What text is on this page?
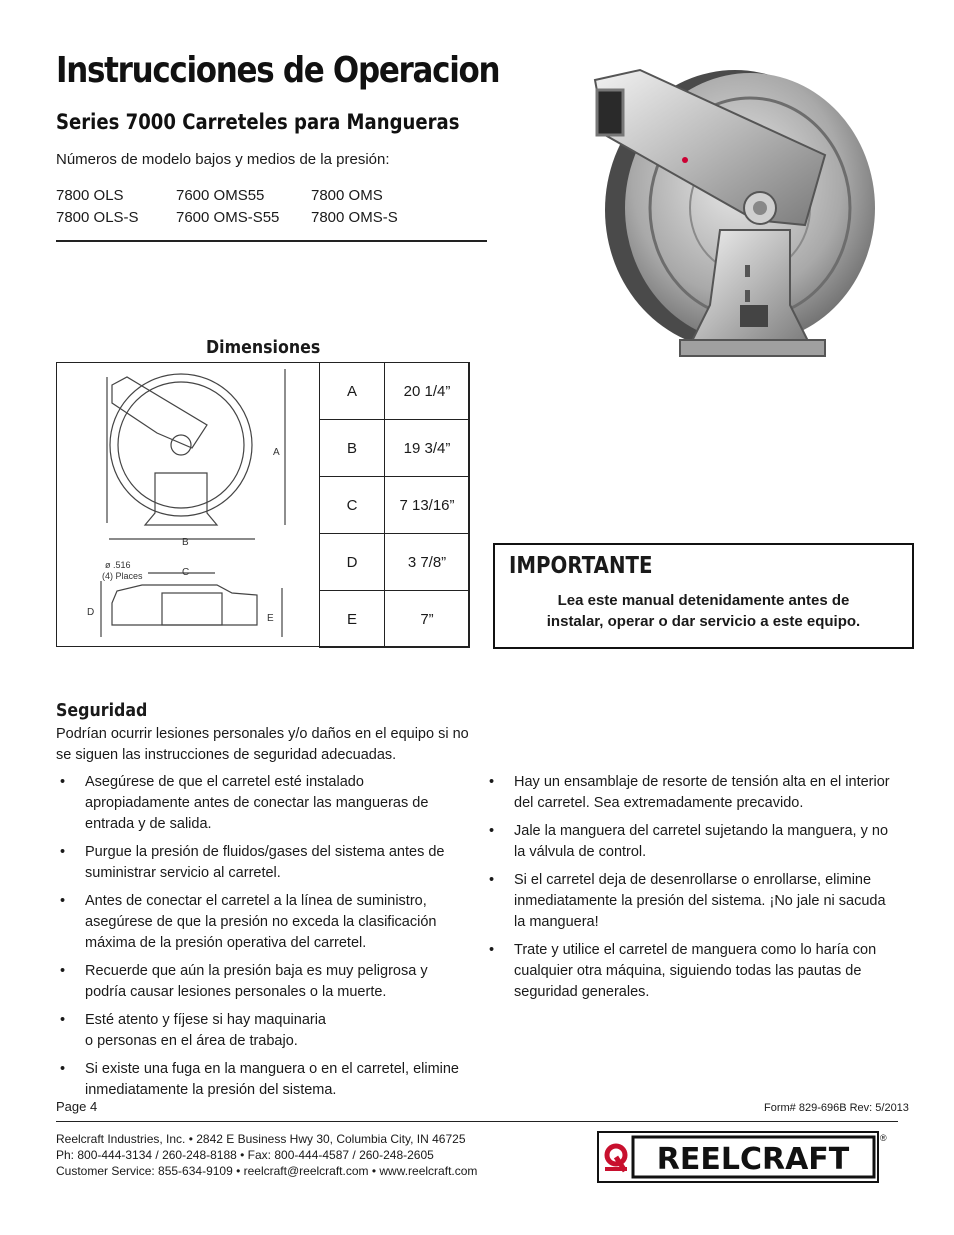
Instrucciones de Operacion
Series 7000 Carreteles para Mangueras
Números de modelo bajos y medios de la presión:
7800 OLS	7600 OMS55	7800 OMS
7800 OLS-S	7600 OMS-S55	7800 OMS-S
Dimensiones
A
B
C
D
E
ø .516
(4) Places
A	20 1/4”
B	19 3/4”
C	7 13/16”
D	3 7/8”
E	7”
IMPORTANTE
Lea este manual detenidamente antes de
instalar, operar o dar servicio a este equipo.
Seguridad
Podrían ocurrir lesiones personales y/o daños en el equipo si no se siguen las instrucciones de seguridad adecuadas.
• Asegúrese de que el carretel esté instalado apropiadamente antes de conectar las mangueras de entrada y de salida.
• Purgue la presión de fluidos/gases del sistema antes de suministrar servicio al carretel.
• Antes de conectar el carretel a la línea de suministro, asegúrese de que la presión no exceda la clasificación máxima de la presión operativa del carretel.
• Recuerde que aún la presión baja es muy peligrosa y podría causar lesiones personales o la muerte.
• Esté atento y fíjese si hay maquinaria o personas en el área de trabajo.
• Si existe una fuga en la manguera o en el carretel, elimine inmediatamente la presión del sistema.
• Hay un ensamblaje de resorte de tensión alta en el interior del carretel. Sea extremadamente precavido.
• Jale la manguera del carretel sujetando la manguera, y no la válvula de control.
• Si el carretel deja de desenrollarse o enrollarse, elimine inmediatamente la presión del sistema. ¡No jale ni sacuda la manguera!
• Trate y utilice el carretel de manguera como lo haría con cualquier otra máquina, siguiendo todas las pautas de seguridad generales.
Page 4	Form# 829-696B Rev: 5/2013
Reelcraft Industries, Inc. • 2842 E Business Hwy 30, Columbia City, IN 46725
Ph: 800-444-3134 / 260-248-8188 • Fax: 800-444-4587 / 260-248-2605
Customer Service: 855-634-9109 • reelcraft@reelcraft.com • www.reelcraft.com	REELCRAFT
®
